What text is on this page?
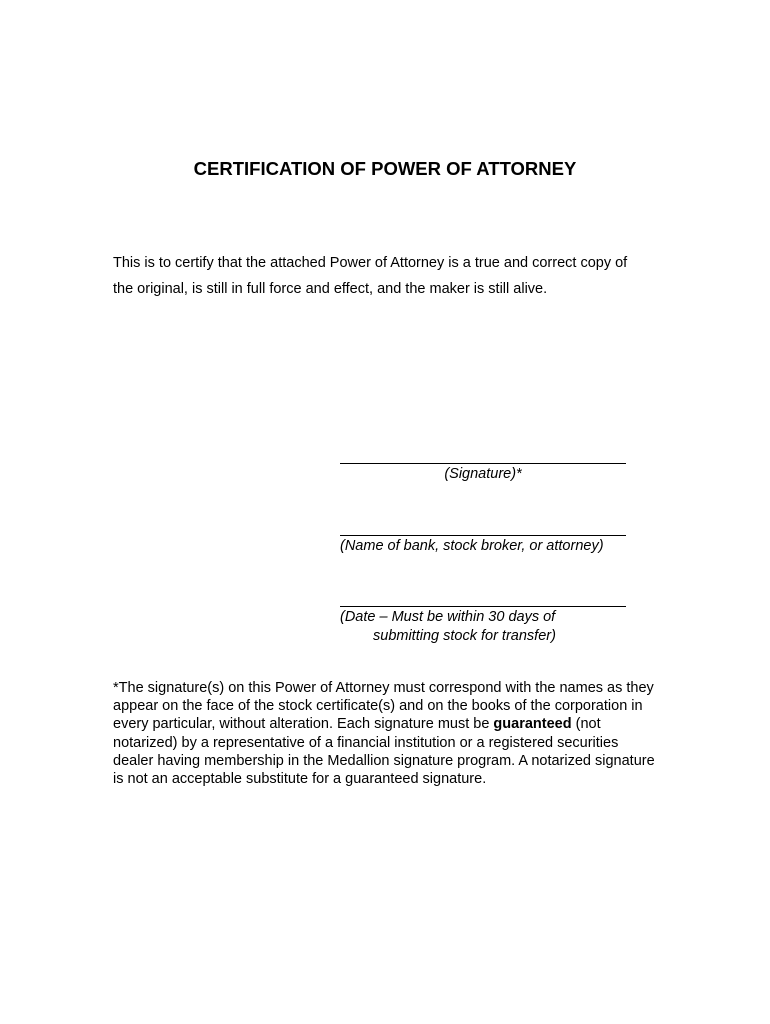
CERTIFICATION OF POWER OF ATTORNEY
This is to certify that the attached Power of Attorney is a true and correct copy of
the original, is still in full force and effect, and the maker is still alive.
(Signature)*
(Name of bank, stock broker, or attorney)
(Date – Must be within 30 days of
submitting stock for transfer)

*The signature(s) on this Power of Attorney must correspond with the names as they appear on the face of the stock certificate(s) and on the books of the corporation in every particular, without alteration. Each signature must be guaranteed (not notarized) by a representative of a financial institution or a registered securities dealer having membership in the Medallion signature program. A notarized signature is not an acceptable substitute for a guaranteed signature.
